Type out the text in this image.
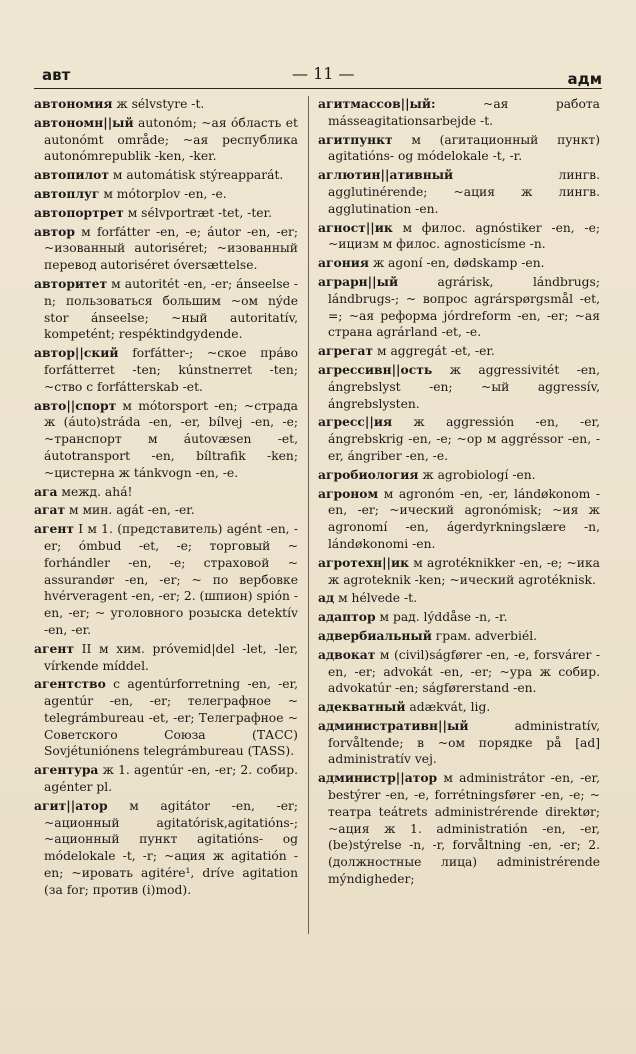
авт	— 11 —	адм
автономия ж sélvstyre -t.
автономн||ый autonóm; ~ая óбласть et autonómt område; ~ая республика autonómrepublik -ken, -ker.
автопилот м automátisk stýreapparát.
автоплуг м mótorplov -en, -e.
автопортрет м sélvportræt -tet, -ter.
автор м forfátter -en, -e; áutor -en, -er; ~изованный autoriséret; ~изованный перевод autoriséret óversættelse.
авторитет м autoritét -en, -er; ánseelse -n; пользоваться большим ~ом nýde stor ánseelse; ~ный autoritatív, kompetént; respéktindgydende.
автор||ский forfátter-; ~ское прáво forfátterret -ten; kúnstnerret -ten; ~ство с forfátterskab -et.
авто||спорт м mótorsport -en; ~страда ж (áuto)stráda -en, -er, bílvej -en, -e; ~транспорт м áutovæsen -et, áutotransport -en, bíltrafik -ken; ~цистерна ж tánkvogn -en, -e.
ага межд. ahá!
агат м мин. agát -en, -er.
агент I м 1. (представитель) agént -en, -er; ómbud -et, -e; торговый ~ forhándler -en, -e; страховой ~ assurandør -en, -er; ~ по вербовке hvérveragent -en, -er; 2. (шпион) spión -en, -er; ~ уголовного розыска detektív -en, -er.
агент II м хим. próvemid|del -let, -ler, vírkende míddel.
агентство с agentúrforretning -en, -er, agentúr -en, -er; телеграфное ~ telegrámbureau -et, -er; Телеграфное ~ Советского Союза (ТАСС) Sovjétuniónens telegrámbureau (TASS).
агентура ж 1. agentúr -en, -er; 2. собир. agénter pl.
агит||атор м agitátor -en, -er; ~ационный agitatórisk,agitatións-; ~ационный пункт agitatións- og módelokale -t, -r; ~ация ж agitatión -en; ~ировать agitére¹, dríve agitation (за for; против (i)mod).
агитмассов||ый: ~ая работа másseagitationsarbejde -t.
агитпункт м (агитационный пункт) agitatións- og módelokale -t, -r.
аглютин||ативный лингв. agglutinérende; ~ация ж лингв. agglutination -en.
агност||ик м филос. agnóstiker -en, -e; ~ицизм м филос. agnosticísme -n.
агония ж agoní -en, dødskamp -en.
аграрн||ый agrárisk, lándbrugs; lándbrugs-; ~ вопрос agrárspørgsmål -et, =; ~ая реформа jórdreform -en, -er; ~ая страна agrárland -et, -e.
агрегат м aggregát -et, -er.
агрессивн||ость ж aggressivitét -en, ángrebslyst -en; ~ый aggressív, ángrebslysten.
агресс||ия ж aggressión -en, -er, ángrebskrig -en, -e; ~ор м aggréssor -en, -er, ángriber -en, -e.
агробиология ж agrobiologí -en.
агроном м agronóm -en, -er, lándøkonom -en, -er; ~ический agronómisk; ~ия ж agronomí -en, ágerdyrkningslære -n, lándøkonomi -en.
агротехн||ик м agrotéknikker -en, -e; ~ика ж agroteknik -ken; ~ический agrotéknisk.
ад м hélvede -t.
адаптор м рад. lýddåse -n, -r.
адвербиальный грам. adverbiél.
адвокат м (civil)ságfører -en, -e, forsvárer -en, -er; advokát -en, -er; ~ура ж собир. advokatúr -en; ságførerstand -en.
адекватный adækvát, lig.
административн||ый administratív, forvåltende; в ~ом порядке på [ad] administratív vej.
администр||атор м administrátor -en, -er, bestýrer -en, -e, forrétningsfører -en, -e; ~ театра teátrets administrérende direktør; ~ация ж 1. administratión -en, -er, (be)stýrelse -n, -r, forvåltning -en, -er; 2. (должностные лица) administrérende mýndigheder;
